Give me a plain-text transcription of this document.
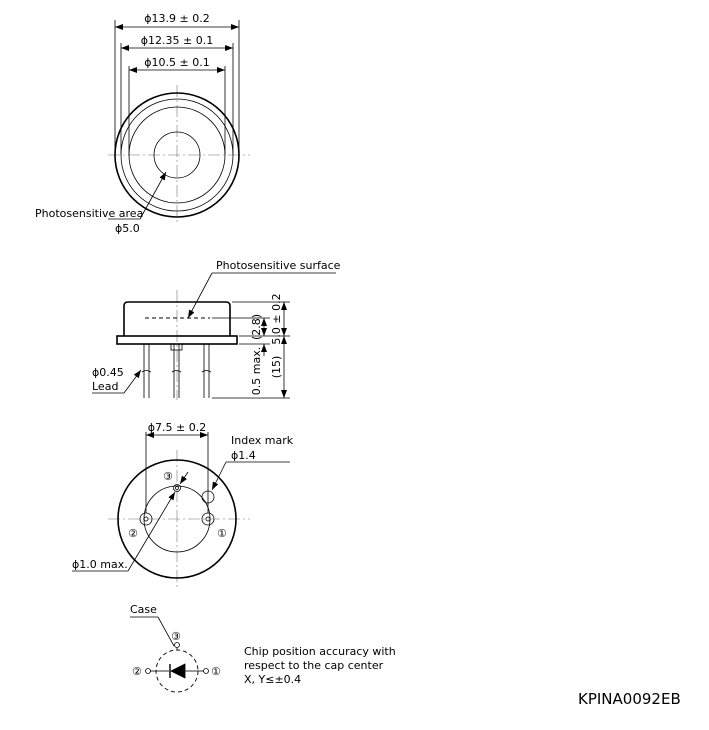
ϕ13.9 ± 0.2
ϕ12.35 ± 0.1
ϕ10.5 ± 0.1
Photosensitive area
ϕ5.0
Photosensitive surface
5.0 ± 0.2
(2.8)
0.5 max. (15)
ϕ0.45
Lead
①
②
③
ϕ7.5 ± 0.2
Index mark
ϕ1.4
ϕ1.0 max.
Case
③
②	①
Chip position accuracy with
respect to the cap center
X, Y≤±0.4
KPINA0092EB
